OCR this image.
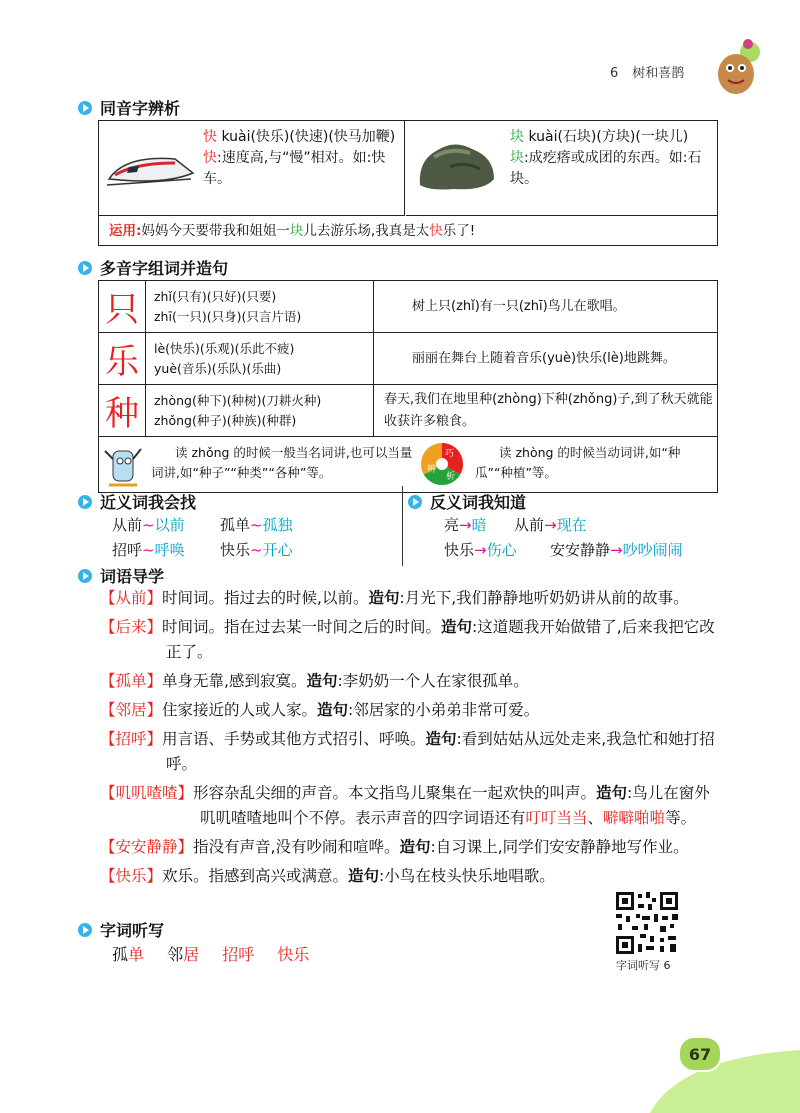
6 树和喜鹊
同音字辨析
快 kuài(快乐)(快速)(快马加鞭)
快:速度高,与“慢”相对。如:快车。
块 kuài(石块)(方块)(一块儿)
块:成疙瘩或成团的东西。如:石块。
运用:妈妈今天要带我和姐姐一块儿去游乐场,我真是太快乐了!
多音字组词并造句
只	zhǐ(只有)(只好)(只要)
zhī(一只)(只身)(只言片语)	树上只(zhǐ)有一只(zhī)鸟儿在歌唱。
乐	lè(快乐)(乐观)(乐此不疲)
yuè(音乐)(乐队)(乐曲)	丽丽在舞台上随着音乐(yuè)快乐(lè)地跳舞。
种	zhòng(种下)(种树)(刀耕火种)
zhǒng(种子)(种族)(种群)	春天,我们在地里种(zhòng)下种(zhǒng)子,到了秋天就能收获许多粮食。

读 zhǒng 的时候一般当名词讲,也可以当量词讲,如“种子”“种类”“各种”等。
巧
辨
析
读 zhòng 的时候当动词讲,如“种瓜”“种植”等。		
近义词我会找	反义词我知道
从前~以前 孤单~孤独
招呼~呼唤 快乐~开心
亮→暗 从前→现在
快乐→伤心 安安静静→吵吵闹闹
词语导学
【从前】时间词。指过去的时候,以前。造句:月光下,我们静静地听奶奶讲从前的故事。
【后来】时间词。指在过去某一时间之后的时间。造句:这道题我开始做错了,后来我把它改正了。
【孤单】单身无靠,感到寂寞。造句:李奶奶一个人在家很孤单。
【邻居】住家接近的人或人家。造句:邻居家的小弟弟非常可爱。
【招呼】用言语、手势或其他方式招引、呼唤。造句:看到姑姑从远处走来,我急忙和她打招呼。
【叽叽喳喳】形容杂乱尖细的声音。本文指鸟儿聚集在一起欢快的叫声。造句:鸟儿在窗外叽叽喳喳地叫个不停。表示声音的四字词语还有叮叮当当、噼噼啪啪等。
【安安静静】指没有声音,没有吵闹和喧哗。造句:自习课上,同学们安安静静地写作业。
【快乐】欢乐。指感到高兴或满意。造句:小鸟在枝头快乐地唱歌。
字词听写
孤单 邻居 招呼 快乐
字词听写 6
67
